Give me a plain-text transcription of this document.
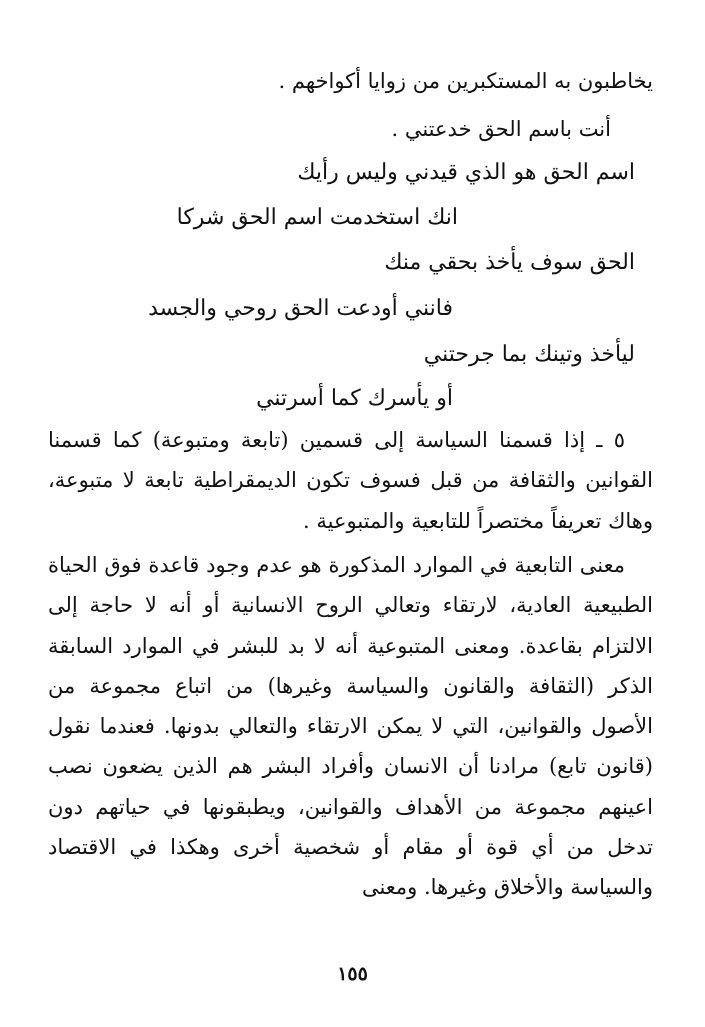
يخاطبون به المستكبرين من زوايا أكواخهم .
أنت باسم الحق خدعتني .
اسم الحق هو الذي قيدني وليس رأيك
انك استخدمت اسم الحق شركا
الحق سوف يأخذ بحقي منك
فانني أودعت الحق روحي والجسد
ليأخذ وتينك بما جرحتني
أو يأسرك كما أسرتني
٥ ـ إذا قسمنا السياسة إلى قسمين (تابعة ومتبوعة) كما قسمنا القوانين والثقافة من قبل فسوف تكون الديمقراطية تابعة لا متبوعة، وهاك تعريفاً مختصراً للتابعية والمتبوعية .
معنى التابعية في الموارد المذكورة هو عدم وجود قاعدة فوق الحياة الطبيعية العادية، لارتقاء وتعالي الروح الانسانية أو أنه لا حاجة إلى الالتزام بقاعدة. ومعنى المتبوعية أنه لا بد للبشر في الموارد السابقة الذكر (الثقافة والقانون والسياسة وغيرها) من اتباع مجموعة من الأصول والقوانين، التي لا يمكن الارتقاء والتعالي بدونها. فعندما نقول (قانون تابع) مرادنا أن الانسان وأفراد البشر هم الذين يضعون نصب اعينهم مجموعة من الأهداف والقوانين، ويطبقونها في حياتهم دون تدخل من أي قوة أو مقام أو شخصية أخرى وهكذا في الاقتصاد والسياسة والأخلاق وغيرها. ومعنى
١٥٥
